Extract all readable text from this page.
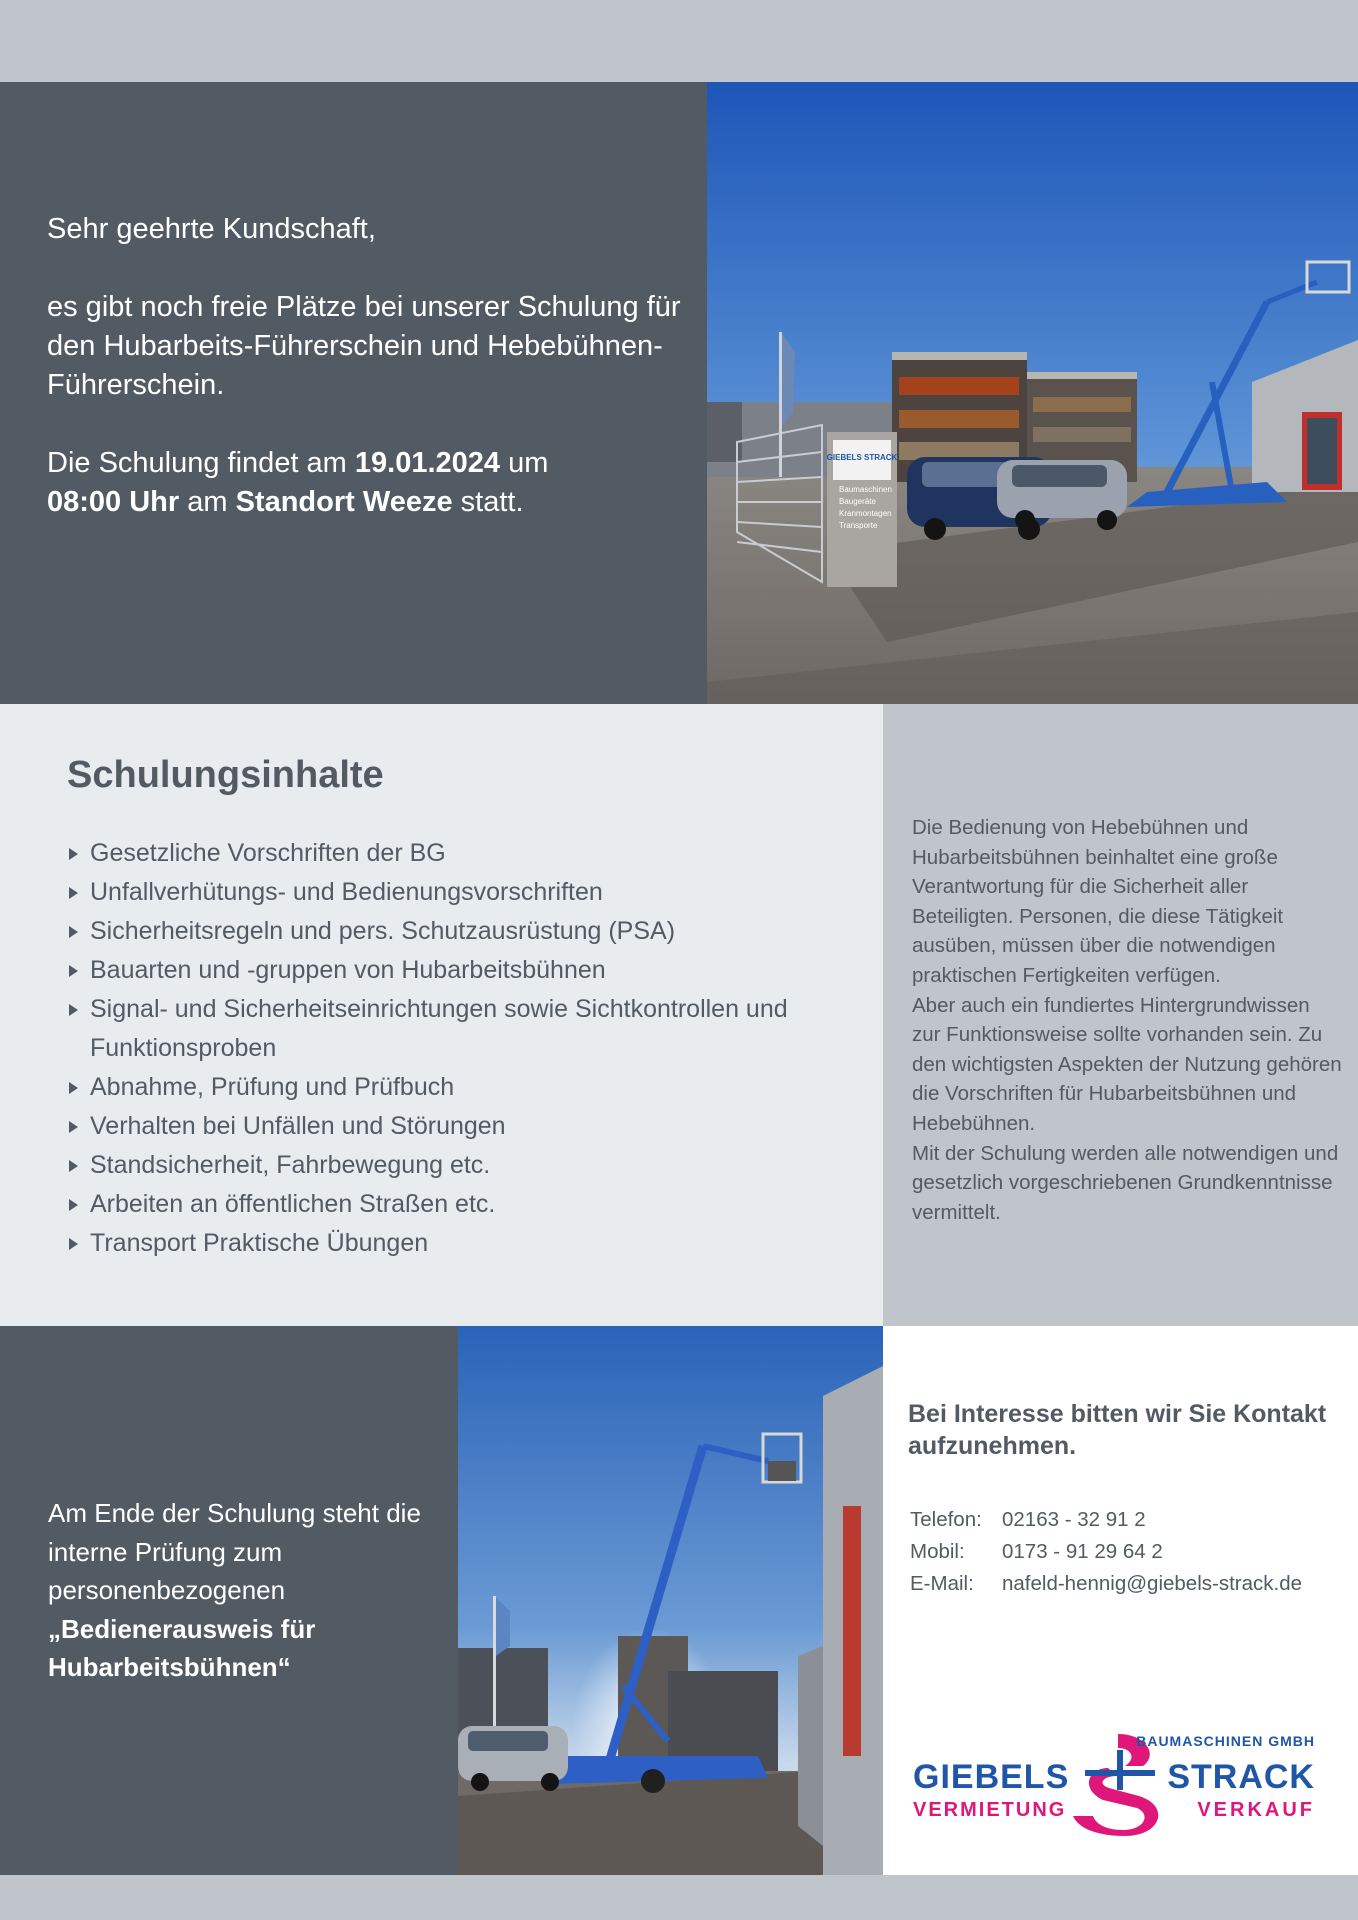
Sehr geehrte Kundschaft,

es gibt noch freie Plätze bei unserer Schulung für den Hubarbeits-Führerschein und Hebebühnen-Führerschein.

Die Schulung findet am 19.01.2024 um
08:00 Uhr am Standort Weeze statt.

GIEBELS STRACK
Baumaschinen
Baugeräte
Kranmontagen
Transporte
Schulungsinhalte
Gesetzliche Vorschriften der BG
Unfallverhütungs- und Bedienungsvorschriften
Sicherheitsregeln und pers. Schutzausrüstung (PSA)
Bauarten und -gruppen von Hubarbeitsbühnen
Signal- und Sicherheitseinrichtungen sowie Sichtkontrollen und Funktionsproben
Abnahme, Prüfung und Prüfbuch
Verhalten bei Unfällen und Störungen
Standsicherheit, Fahrbewegung etc.
Arbeiten an öffentlichen Straßen etc.
Transport Praktische Übungen

Die Bedienung von Hebebühnen und Hubarbeitsbühnen beinhaltet eine große Verantwortung für die Sicherheit aller Beteiligten. Personen, die diese Tätigkeit ausüben, müssen über die notwendigen praktischen Fertigkeiten verfügen.

Aber auch ein fundiertes Hintergrundwissen zur Funktionsweise sollte vorhanden sein. Zu den wichtigsten Aspekten der Nutzung gehören die Vorschriften für Hubarbeitsbühnen und Hebebühnen.

Mit der Schulung werden alle notwendigen und gesetzlich vorgeschriebenen Grundkenntnisse vermittelt.

Am Ende der Schulung steht die interne Prüfung zum personenbezogenen
„Bedienerausweis für Hubarbeitsbühnen“
Bei Interesse bitten wir Sie Kontakt aufzunehmen.
Telefon: 02163 - 32 91 2
Mobil:	0173 - 91 29 64 2
E-Mail:	nafeld-hennig@giebels-strack.de
BAUMASCHINEN GMBH
GIEBELS	STRACK
VERMIETUNG	VERKAUF
